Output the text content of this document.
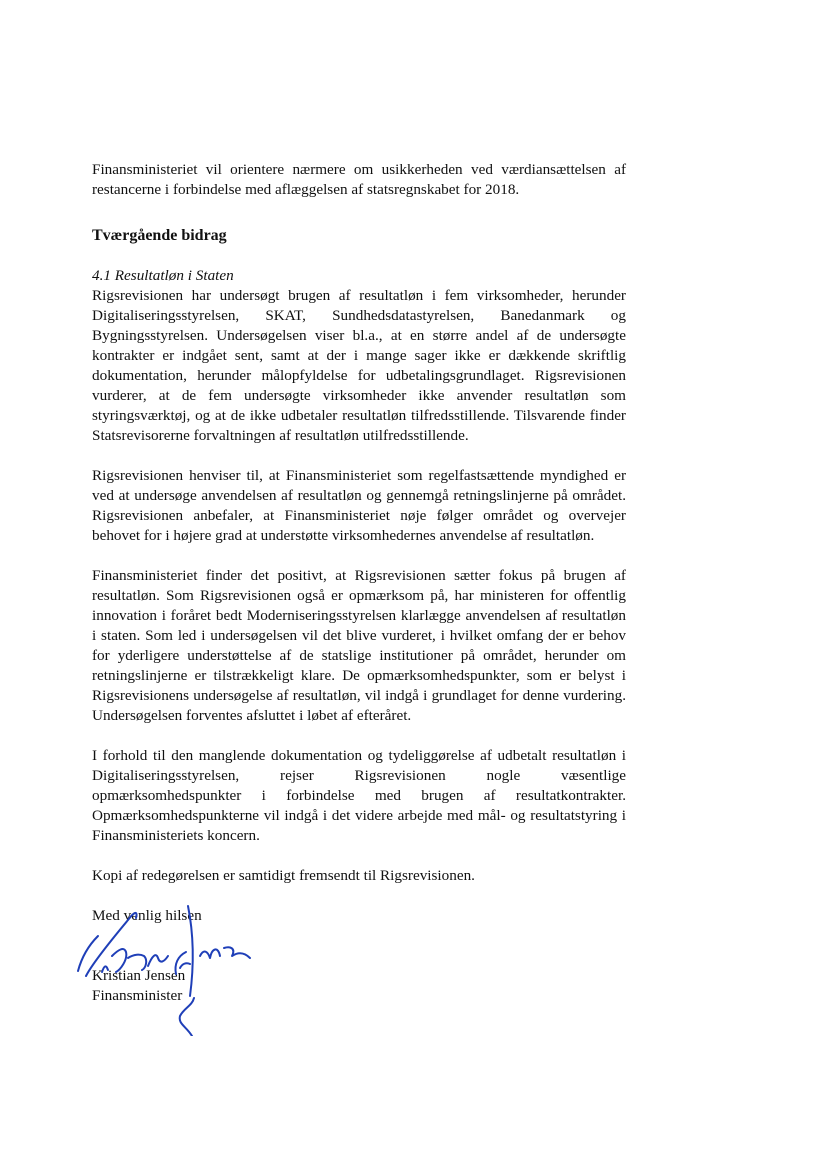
Finansministeriet vil orientere nærmere om usikkerheden ved værdiansættelsen af restancerne i forbindelse med aflæggelsen af statsregnskabet for 2018.

Tværgående bidrag

4.1 Resultatløn i Staten

Rigsrevisionen har undersøgt brugen af resultatløn i fem virksomheder, herunder Digitaliseringsstyrelsen, SKAT, Sundhedsdatastyrelsen, Banedanmark og Bygningsstyrelsen. Undersøgelsen viser bl.a., at en større andel af de undersøgte kontrakter er indgået sent, samt at der i mange sager ikke er dækkende skriftlig dokumentation, herunder målopfyldelse for udbetalingsgrundlaget. Rigsrevisionen vurderer, at de fem undersøgte virksomheder ikke anvender resultatløn som styringsværktøj, og at de ikke udbetaler resultatløn tilfredsstillende. Tilsvarende finder Statsrevisorerne forvaltningen af resultatløn utilfredsstillende.

Rigsrevisionen henviser til, at Finansministeriet som regelfastsættende myndighed er ved at undersøge anvendelsen af resultatløn og gennemgå retningslinjerne på området. Rigsrevisionen anbefaler, at Finansministeriet nøje følger området og overvejer behovet for i højere grad at understøtte virksomhedernes anvendelse af resultatløn.

Finansministeriet finder det positivt, at Rigsrevisionen sætter fokus på brugen af resultatløn. Som Rigsrevisionen også er opmærksom på, har ministeren for offentlig innovation i foråret bedt Moderniseringsstyrelsen klarlægge anvendelsen af resultatløn i staten. Som led i undersøgelsen vil det blive vurderet, i hvilket omfang der er behov for yderligere understøttelse af de statslige institutioner på området, herunder om retningslinjerne er tilstrækkeligt klare. De opmærksomhedspunkter, som er belyst i Rigsrevisionens undersøgelse af resultatløn, vil indgå i grundlaget for denne vurdering. Undersøgelsen forventes afsluttet i løbet af efteråret.

I forhold til den manglende dokumentation og tydeliggørelse af udbetalt resultatløn i Digitaliseringsstyrelsen, rejser Rigsrevisionen nogle væsentlige opmærksomhedspunkter i forbindelse med brugen af resultatkontrakter. Opmærksomhedspunkterne vil indgå i det videre arbejde med mål- og resultatstyring i Finansministeriets koncern.

Kopi af redegørelsen er samtidigt fremsendt til Rigsrevisionen.

Med venlig hilsen

Kristian Jensen

Finansminister
